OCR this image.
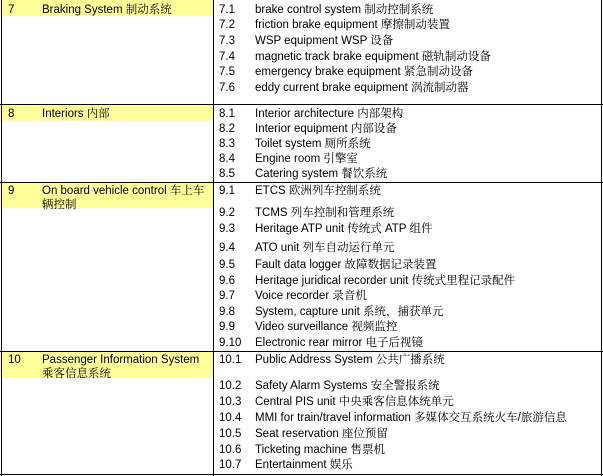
7 Braking System 制动系统	7.1 brake control system 制动控制系统
7.2 friction brake equipment 摩擦制动装置
7.3 WSP equipment WSP 设备
7.4 magnetic track brake equipment 磁轨制动设备
7.5 emergency brake equipment 紧急制动设备
7.6 eddy current brake equipment 涡流制动器
8 Interiors 内部	8.1 Interior architecture 内部架构
8.2 Interior equipment 内部设备
8.3 Toilet system 厕所系统
8.4 Engine room 引擎室
8.5 Catering system 餐饮系统
9 On board vehicle control 车上车辆控制
9.1 ETCS 欧洲列车控制系统
9.2 TCMS 列车控制和管理系统
9.3 Heritage ATP unit 传统式 ATP 组件
9.4 ATO unit 列车自动运行单元
9.5 Fault data logger 故障数据记录装置
9.6 Heritage juridical recorder unit 传统式里程记录配件
9.7 Voice recorder 录音机
9.8 System, capture unit 系统，捕获单元
9.9 Video surveillance 视频监控
9.10 Electronic rear mirror 电子后视镜
10 Passenger Information System 乘客信息系统
10.1 Public Address System 公共广播系统
10.2 Safety Alarm Systems 安全警报系统
10.3 Central PIS unit 中央乘客信息体统单元
10.4 MMI for train/travel information 多媒体交互系统火车/旅游信息
10.5 Seat reservation 座位预留
10.6 Ticketing machine 售票机
10.7 Entertainment 娱乐
